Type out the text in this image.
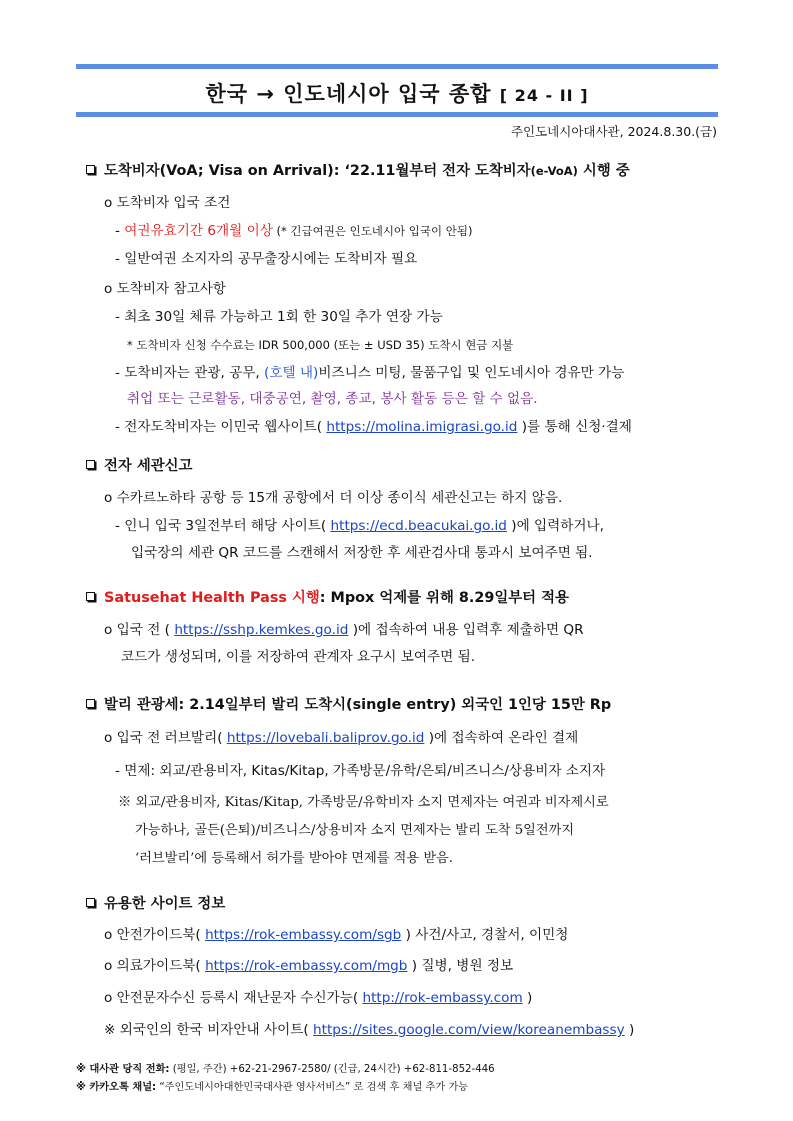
한국 → 인도네시아 입국 종합 [ 24 - II ]
주인도네시아대사관, 2024.8.30.(금)
도착비자(VoA; Visa on Arrival): ‘22.11월부터 전자 도착비자(e-VoA) 시행 중
o 도착비자 입국 조건
- 여권유효기간 6개월 이상 (* 긴급여권은 인도네시아 입국이 안됨)
- 일반여권 소지자의 공무출장시에는 도착비자 필요
o 도착비자 참고사항
- 최초 30일 체류 가능하고 1회 한 30일 추가 연장 가능
* 도착비자 신청 수수료는 IDR 500,000 (또는 ± USD 35) 도착시 현금 지불
- 도착비자는 관광, 공무, (호텔 내)비즈니스 미팅, 물품구입 및 인도네시아 경유만 가능
취업 또는 근로활동, 대중공연, 촬영, 종교, 봉사 활동 등은 할 수 없음.
- 전자도착비자는 이민국 웹사이트( https://molina.imigrasi.go.id )를 통해 신청·결제
전자 세관신고
o 수카르노하타 공항 등 15개 공항에서 더 이상 종이식 세관신고는 하지 않음.
- 인니 입국 3일전부터 해당 사이트( https://ecd.beacukai.go.id )에 입력하거나,
입국장의 세관 QR 코드를 스캔해서 저장한 후 세관검사대 통과시 보여주면 됨.
Satusehat Health Pass 시행: Mpox 억제를 위해 8.29일부터 적용
o 입국 전 ( https://sshp.kemkes.go.id )에 접속하여 내용 입력후 제출하면 QR
코드가 생성되며, 이를 저장하여 관계자 요구시 보여주면 됨.
발리 관광세: 2.14일부터 발리 도착시(single entry) 외국인 1인당 15만 Rp
o 입국 전 러브발리( https://lovebali.baliprov.go.id )에 접속하여 온라인 결제
- 면제: 외교/관용비자, Kitas/Kitap, 가족방문/유학/은퇴/비즈니스/상용비자 소지자
※ 외교/관용비자, Kitas/Kitap, 가족방문/유학비자 소지 면제자는 여권과 비자제시로
가능하나, 골든(은퇴)/비즈니스/상용비자 소지 면제자는 발리 도착 5일전까지
‘러브발리’에 등록해서 허가를 받아야 면제를 적용 받음.
유용한 사이트 정보
o 안전가이드북( https://rok-embassy.com/sgb ) 사건/사고, 경찰서, 이민청
o 의료가이드북( https://rok-embassy.com/mgb ) 질병, 병원 정보
o 안전문자수신 등록시 재난문자 수신가능( http://rok-embassy.com )
※ 외국인의 한국 비자안내 사이트( https://sites.google.com/view/koreanembassy )
※ 대사관 당직 전화: (평일, 주간) +62-21-2967-2580/ (긴급, 24시간) +62-811-852-446
※ 카카오톡 채널: “주인도네시아대한민국대사관 영사서비스” 로 검색 후 채널 추가 가능
